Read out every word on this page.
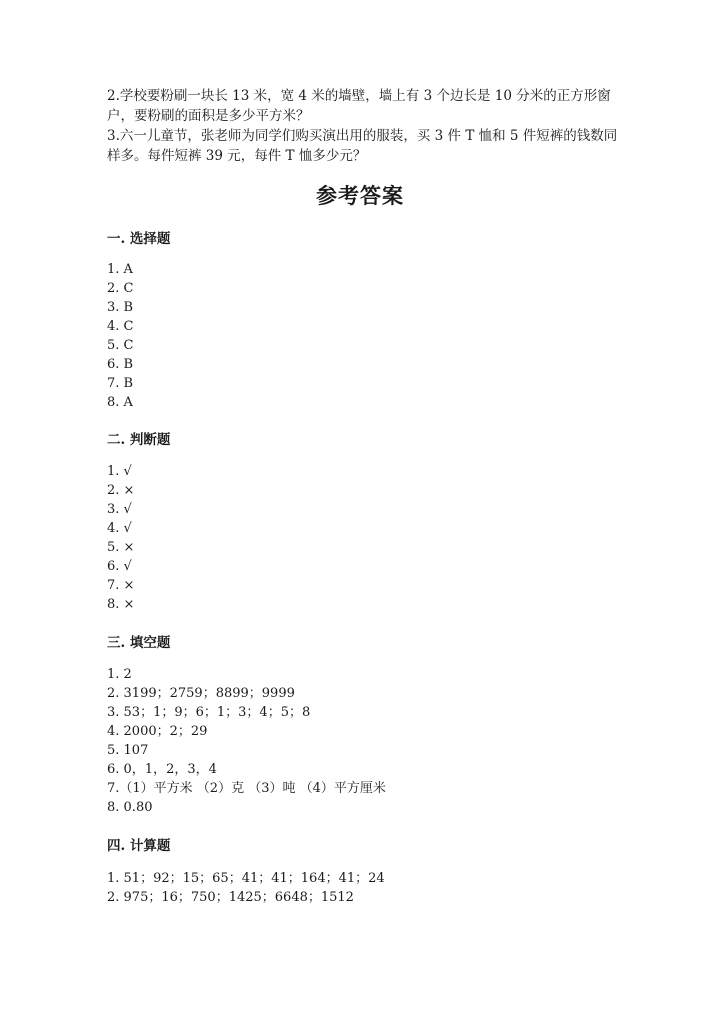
2.学校要粉刷一块长 13 米，宽 4 米的墙壁，墙上有 3 个边长是 10 分米的正方形窗户，要粉刷的面积是多少平方米？

3.六一儿童节，张老师为同学们购买演出用的服装，买 3 件 T 恤和 5 件短裤的钱数同样多。每件短裤 39 元，每件 T 恤多少元？

参考答案
一. 选择题
1. A
2. C
3. B
4. C
5. C
6. B
7. B
8. A
二. 判断题
1. √
2. ×
3. √
4. √
5. ×
6. √
7. ×
8. ×
三. 填空题
1. 2
2. 3199；2759；8899；9999
3. 53；1；9；6；1；3；4；5；8
4. 2000；2；29
5. 107
6. 0，1，2，3，4
7.（1）平方米 （2）克 （3）吨 （4）平方厘米
8. 0.80
四. 计算题
1. 51；92；15；65；41；41；164；41；24
2. 975；16；750；1425；6648；1512
